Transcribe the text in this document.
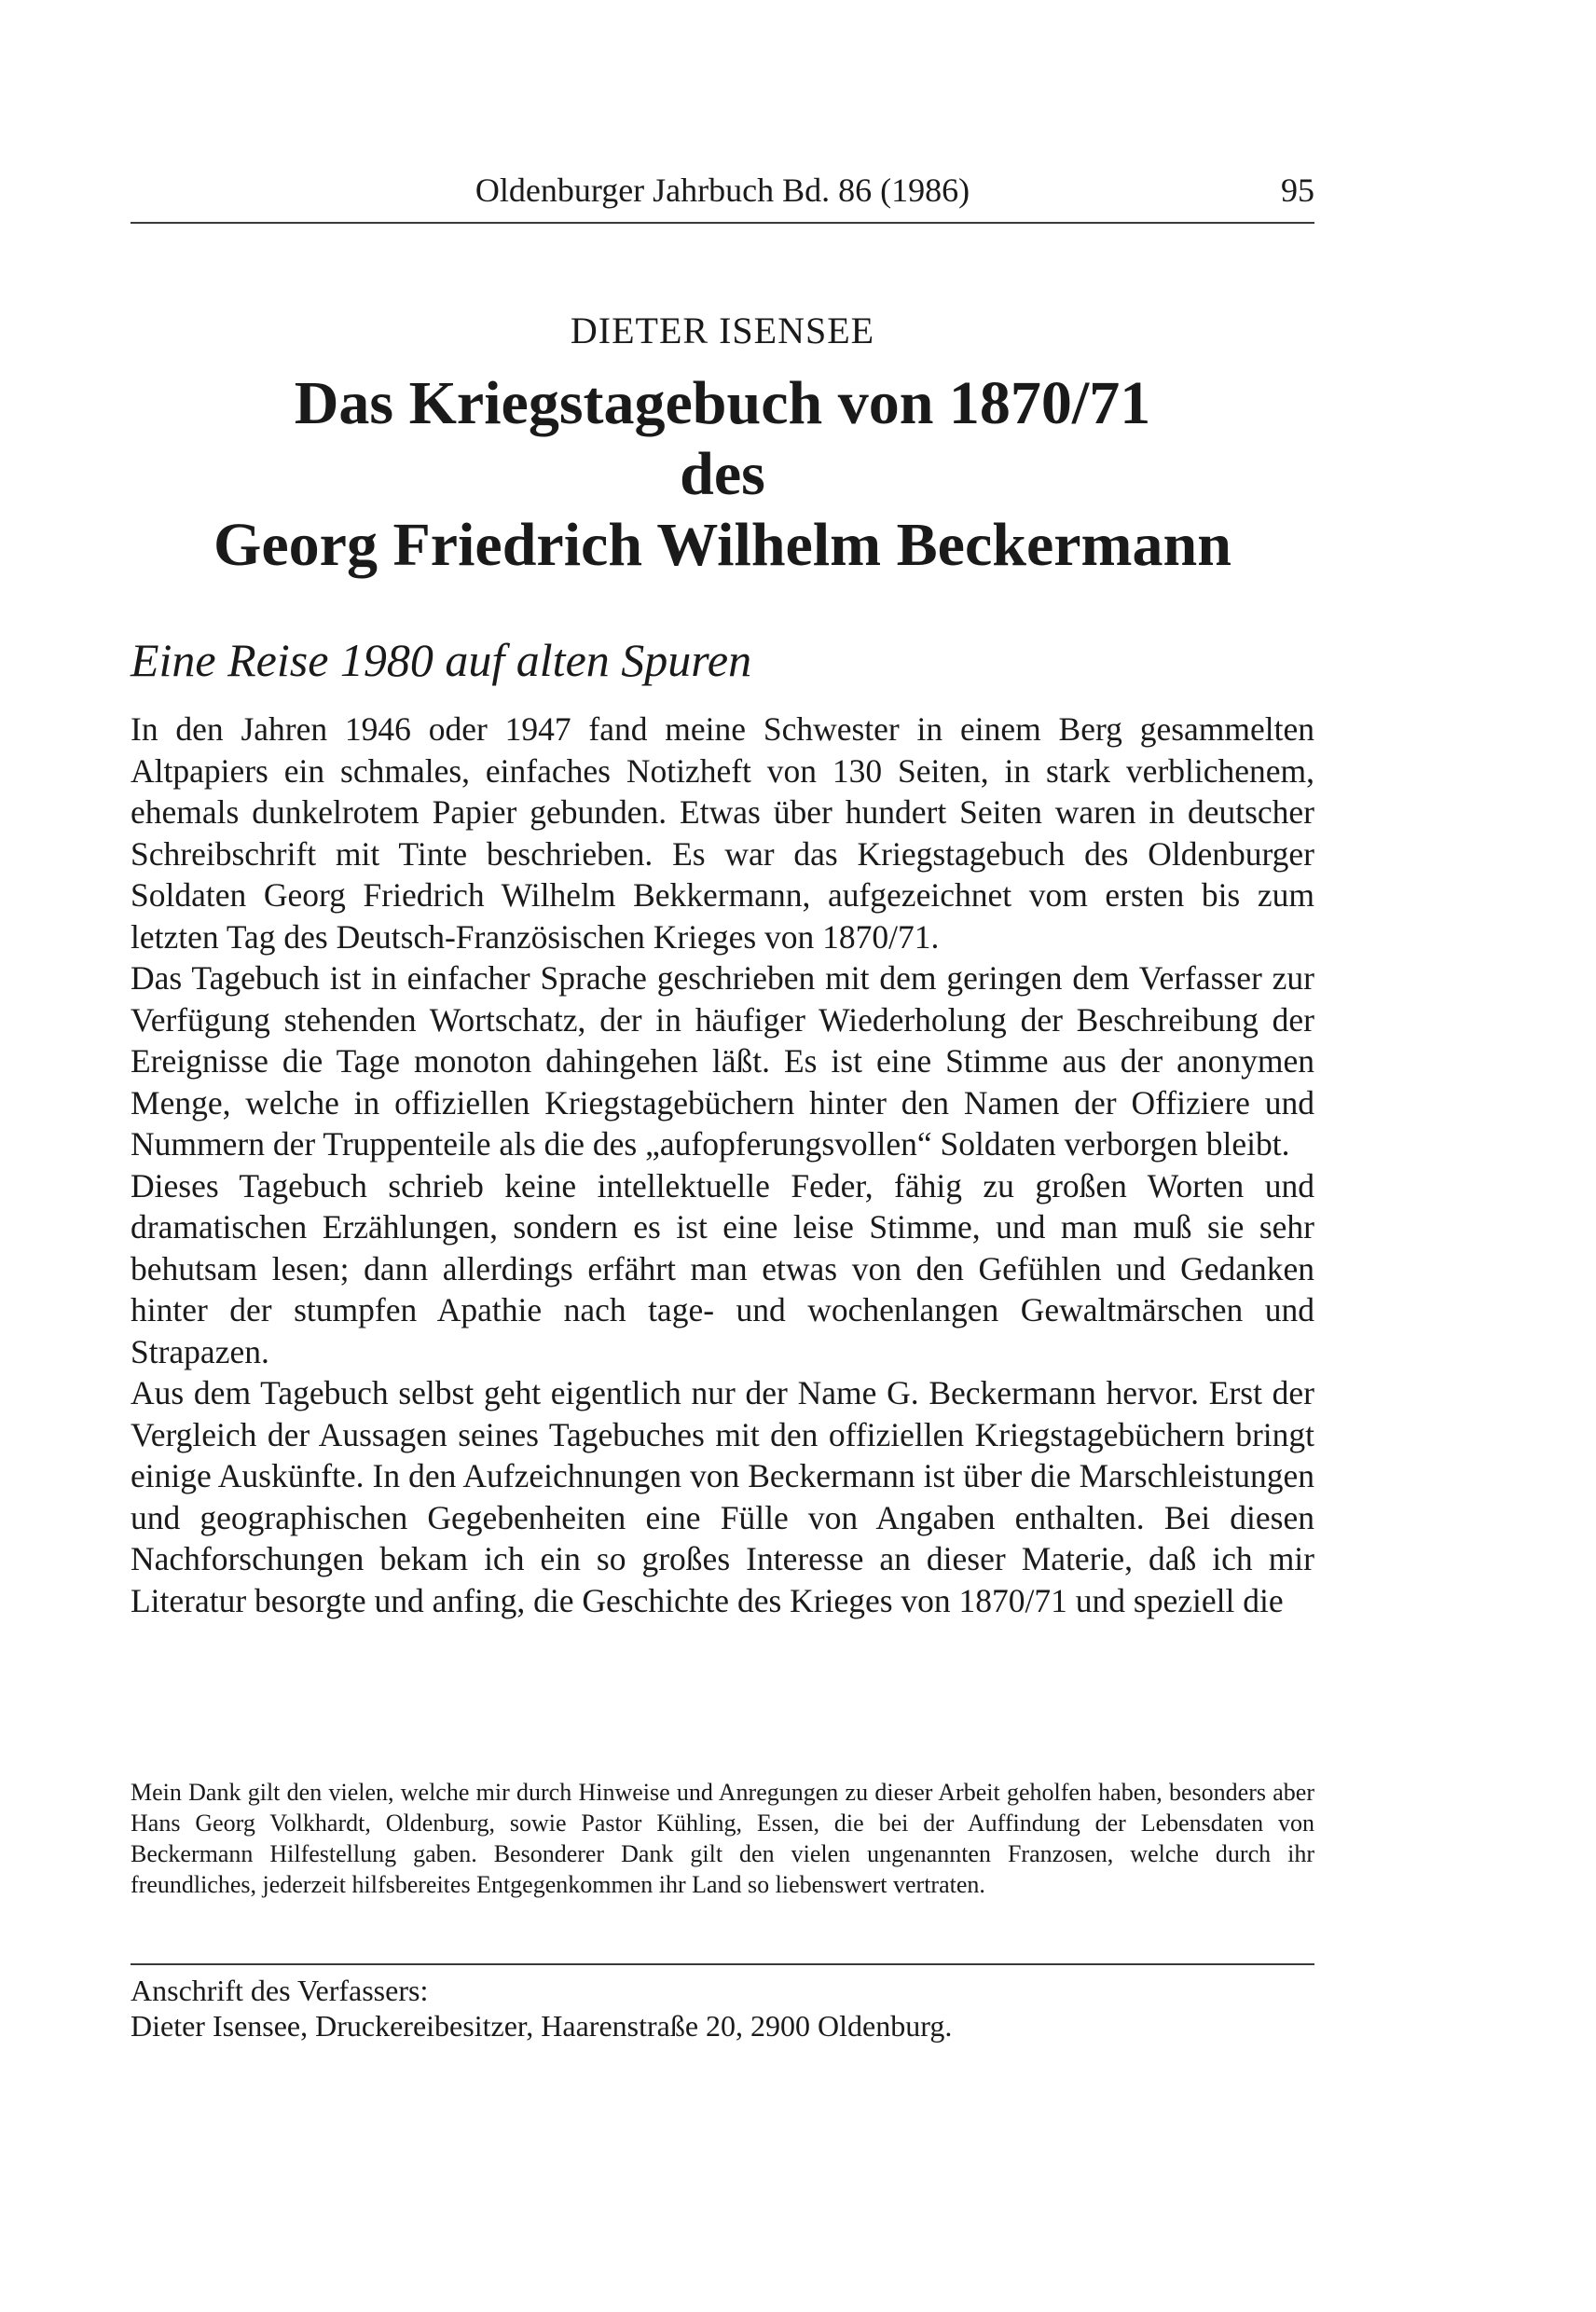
Oldenburger Jahrbuch Bd. 86 (1986)	95
DIETER ISENSEE
Das Kriegstagebuch von 1870/71
des
Georg Friedrich Wilhelm Beckermann
Eine Reise 1980 auf alten Spuren

In den Jahren 1946 oder 1947 fand meine Schwester in einem Berg gesammelten Altpapiers ein schmales, einfaches Notizheft von 130 Seiten, in stark verblichenem, ehemals dunkelrotem Papier gebunden. Etwas über hundert Seiten waren in deutscher Schreibschrift mit Tinte beschrieben. Es war das Kriegstagebuch des Oldenburger Soldaten Georg Friedrich Wilhelm Bekkermann, aufgezeichnet vom ersten bis zum letzten Tag des Deutsch-Französischen Krieges von 1870/71.

Das Tagebuch ist in einfacher Sprache geschrieben mit dem geringen dem Verfasser zur Verfügung stehenden Wortschatz, der in häufiger Wiederholung der Beschreibung der Ereignisse die Tage monoton dahingehen läßt. Es ist eine Stimme aus der anonymen Menge, welche in offiziellen Kriegstagebüchern hinter den Namen der Offiziere und Nummern der Truppenteile als die des „aufopferungsvollen“ Soldaten verborgen bleibt.

Dieses Tagebuch schrieb keine intellektuelle Feder, fähig zu großen Worten und dramatischen Erzählungen, sondern es ist eine leise Stimme, und man muß sie sehr behutsam lesen; dann allerdings erfährt man etwas von den Gefühlen und Gedanken hinter der stumpfen Apathie nach tage- und wochenlangen Gewaltmärschen und Strapazen.

Aus dem Tagebuch selbst geht eigentlich nur der Name G. Beckermann hervor. Erst der Vergleich der Aussagen seines Tagebuches mit den offiziellen Kriegstagebüchern bringt einige Auskünfte. In den Aufzeichnungen von Beckermann ist über die Marschleistungen und geographischen Gegebenheiten eine Fülle von Angaben enthalten. Bei diesen Nachforschungen bekam ich ein so großes Interesse an dieser Materie, daß ich mir Literatur besorgte und anfing, die Geschichte des Krieges von 1870/71 und speziell die

Mein Dank gilt den vielen, welche mir durch Hinweise und Anregungen zu dieser Arbeit geholfen haben, besonders aber Hans Georg Volkhardt, Oldenburg, sowie Pastor Kühling, Essen, die bei der Auffindung der Lebensdaten von Beckermann Hilfestellung gaben. Besonderer Dank gilt den vielen ungenannten Franzosen, welche durch ihr freundliches, jederzeit hilfsbereites Entgegenkommen ihr Land so liebenswert vertraten.
Anschrift des Verfassers:
Dieter Isensee, Druckereibesitzer, Haarenstraße 20, 2900 Oldenburg.
